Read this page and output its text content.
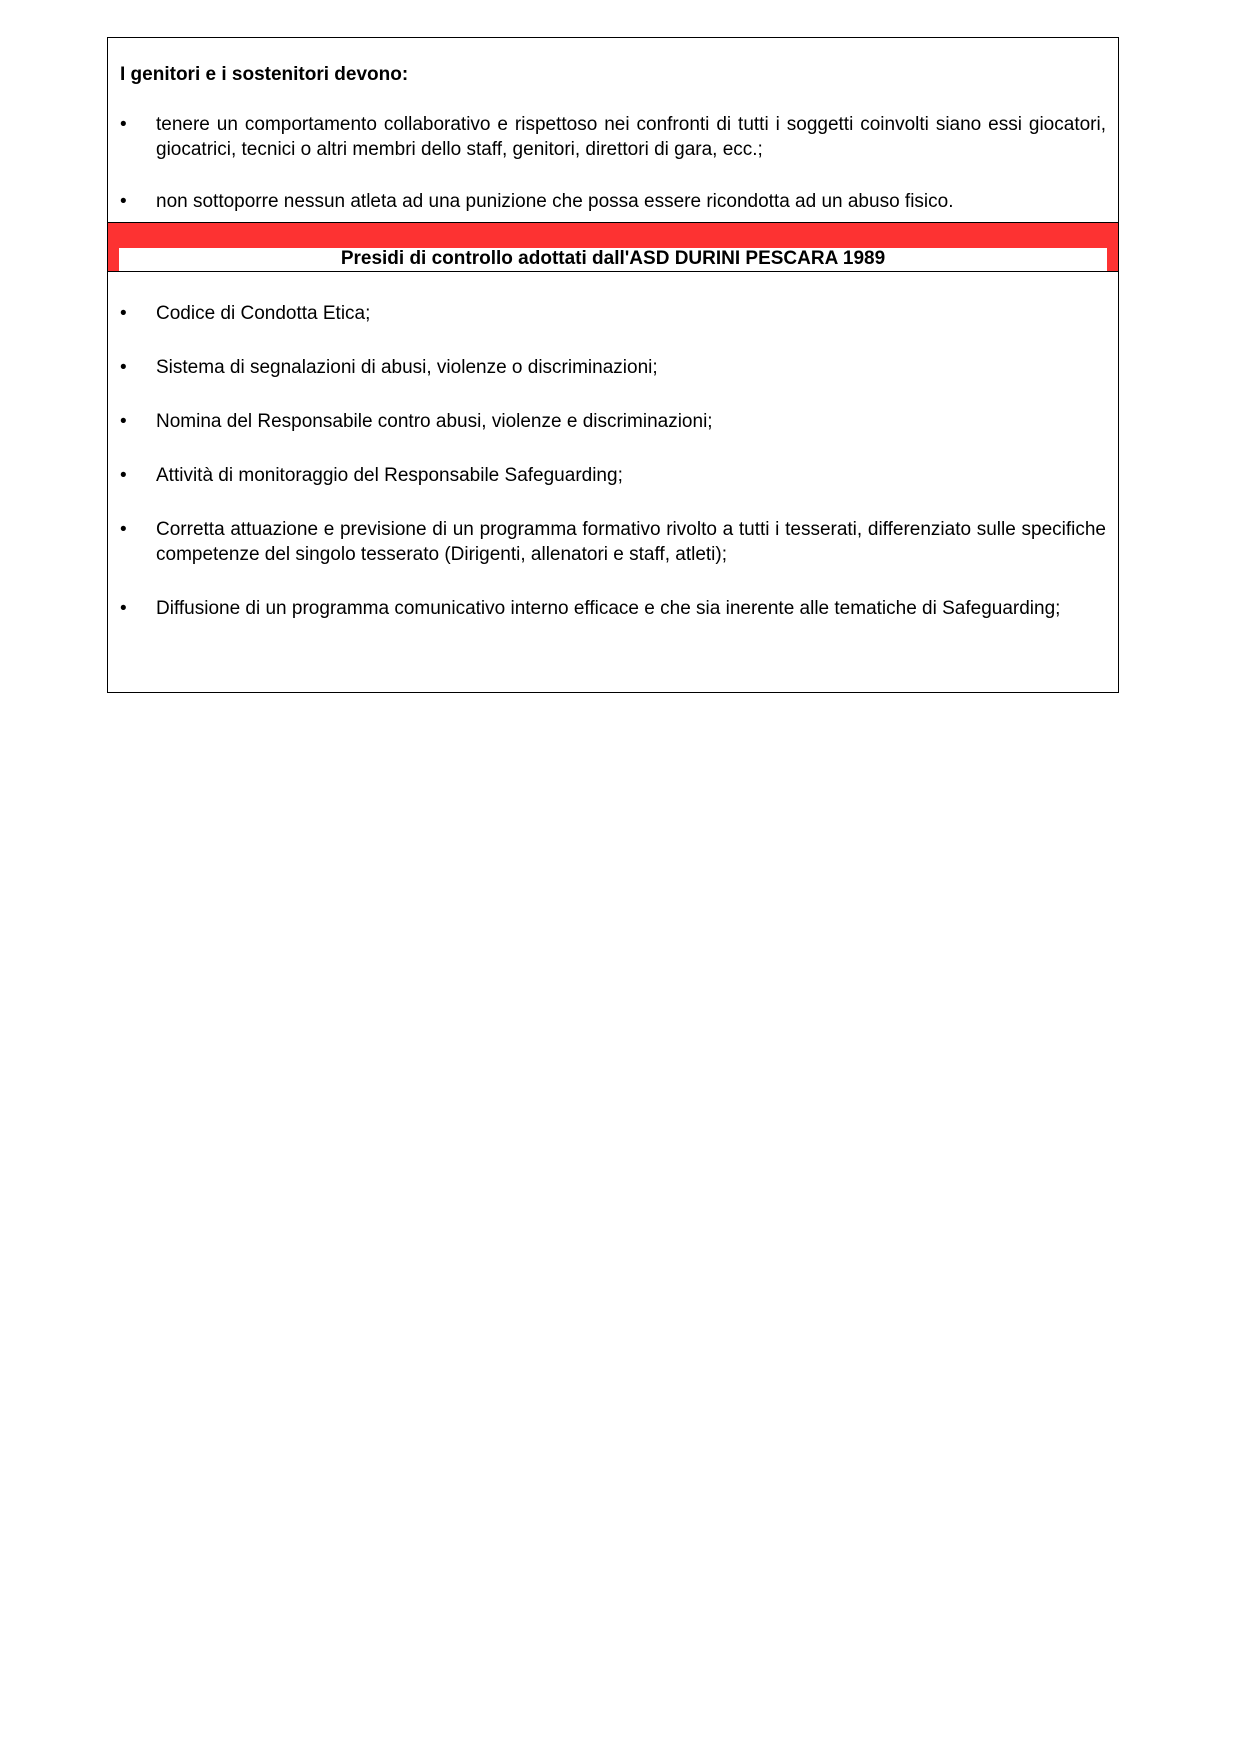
I genitori e i sostenitori devono:

• tenere un comportamento collaborativo e rispettoso nei confronti di tutti i soggetti coinvolti siano essi giocatori, giocatrici, tecnici o altri membri dello staff, genitori, direttori di gara, ecc.;
• non sottoporre nessun atleta ad una punizione che possa essere ricondotta ad un abuso fisico.
Presidi di controllo adottati dall'ASD DURINI PESCARA 1989
• Codice di Condotta Etica;
• Sistema di segnalazioni di abusi, violenze o discriminazioni;
• Nomina del Responsabile contro abusi, violenze e discriminazioni;
• Attività di monitoraggio del Responsabile Safeguarding;
• Corretta attuazione e previsione di un programma formativo rivolto a tutti i tesserati, differenziato sulle specifiche competenze del singolo tesserato (Dirigenti, allenatori e staff, atleti);
• Diffusione di un programma comunicativo interno efficace e che sia inerente alle tematiche di Safeguarding;
